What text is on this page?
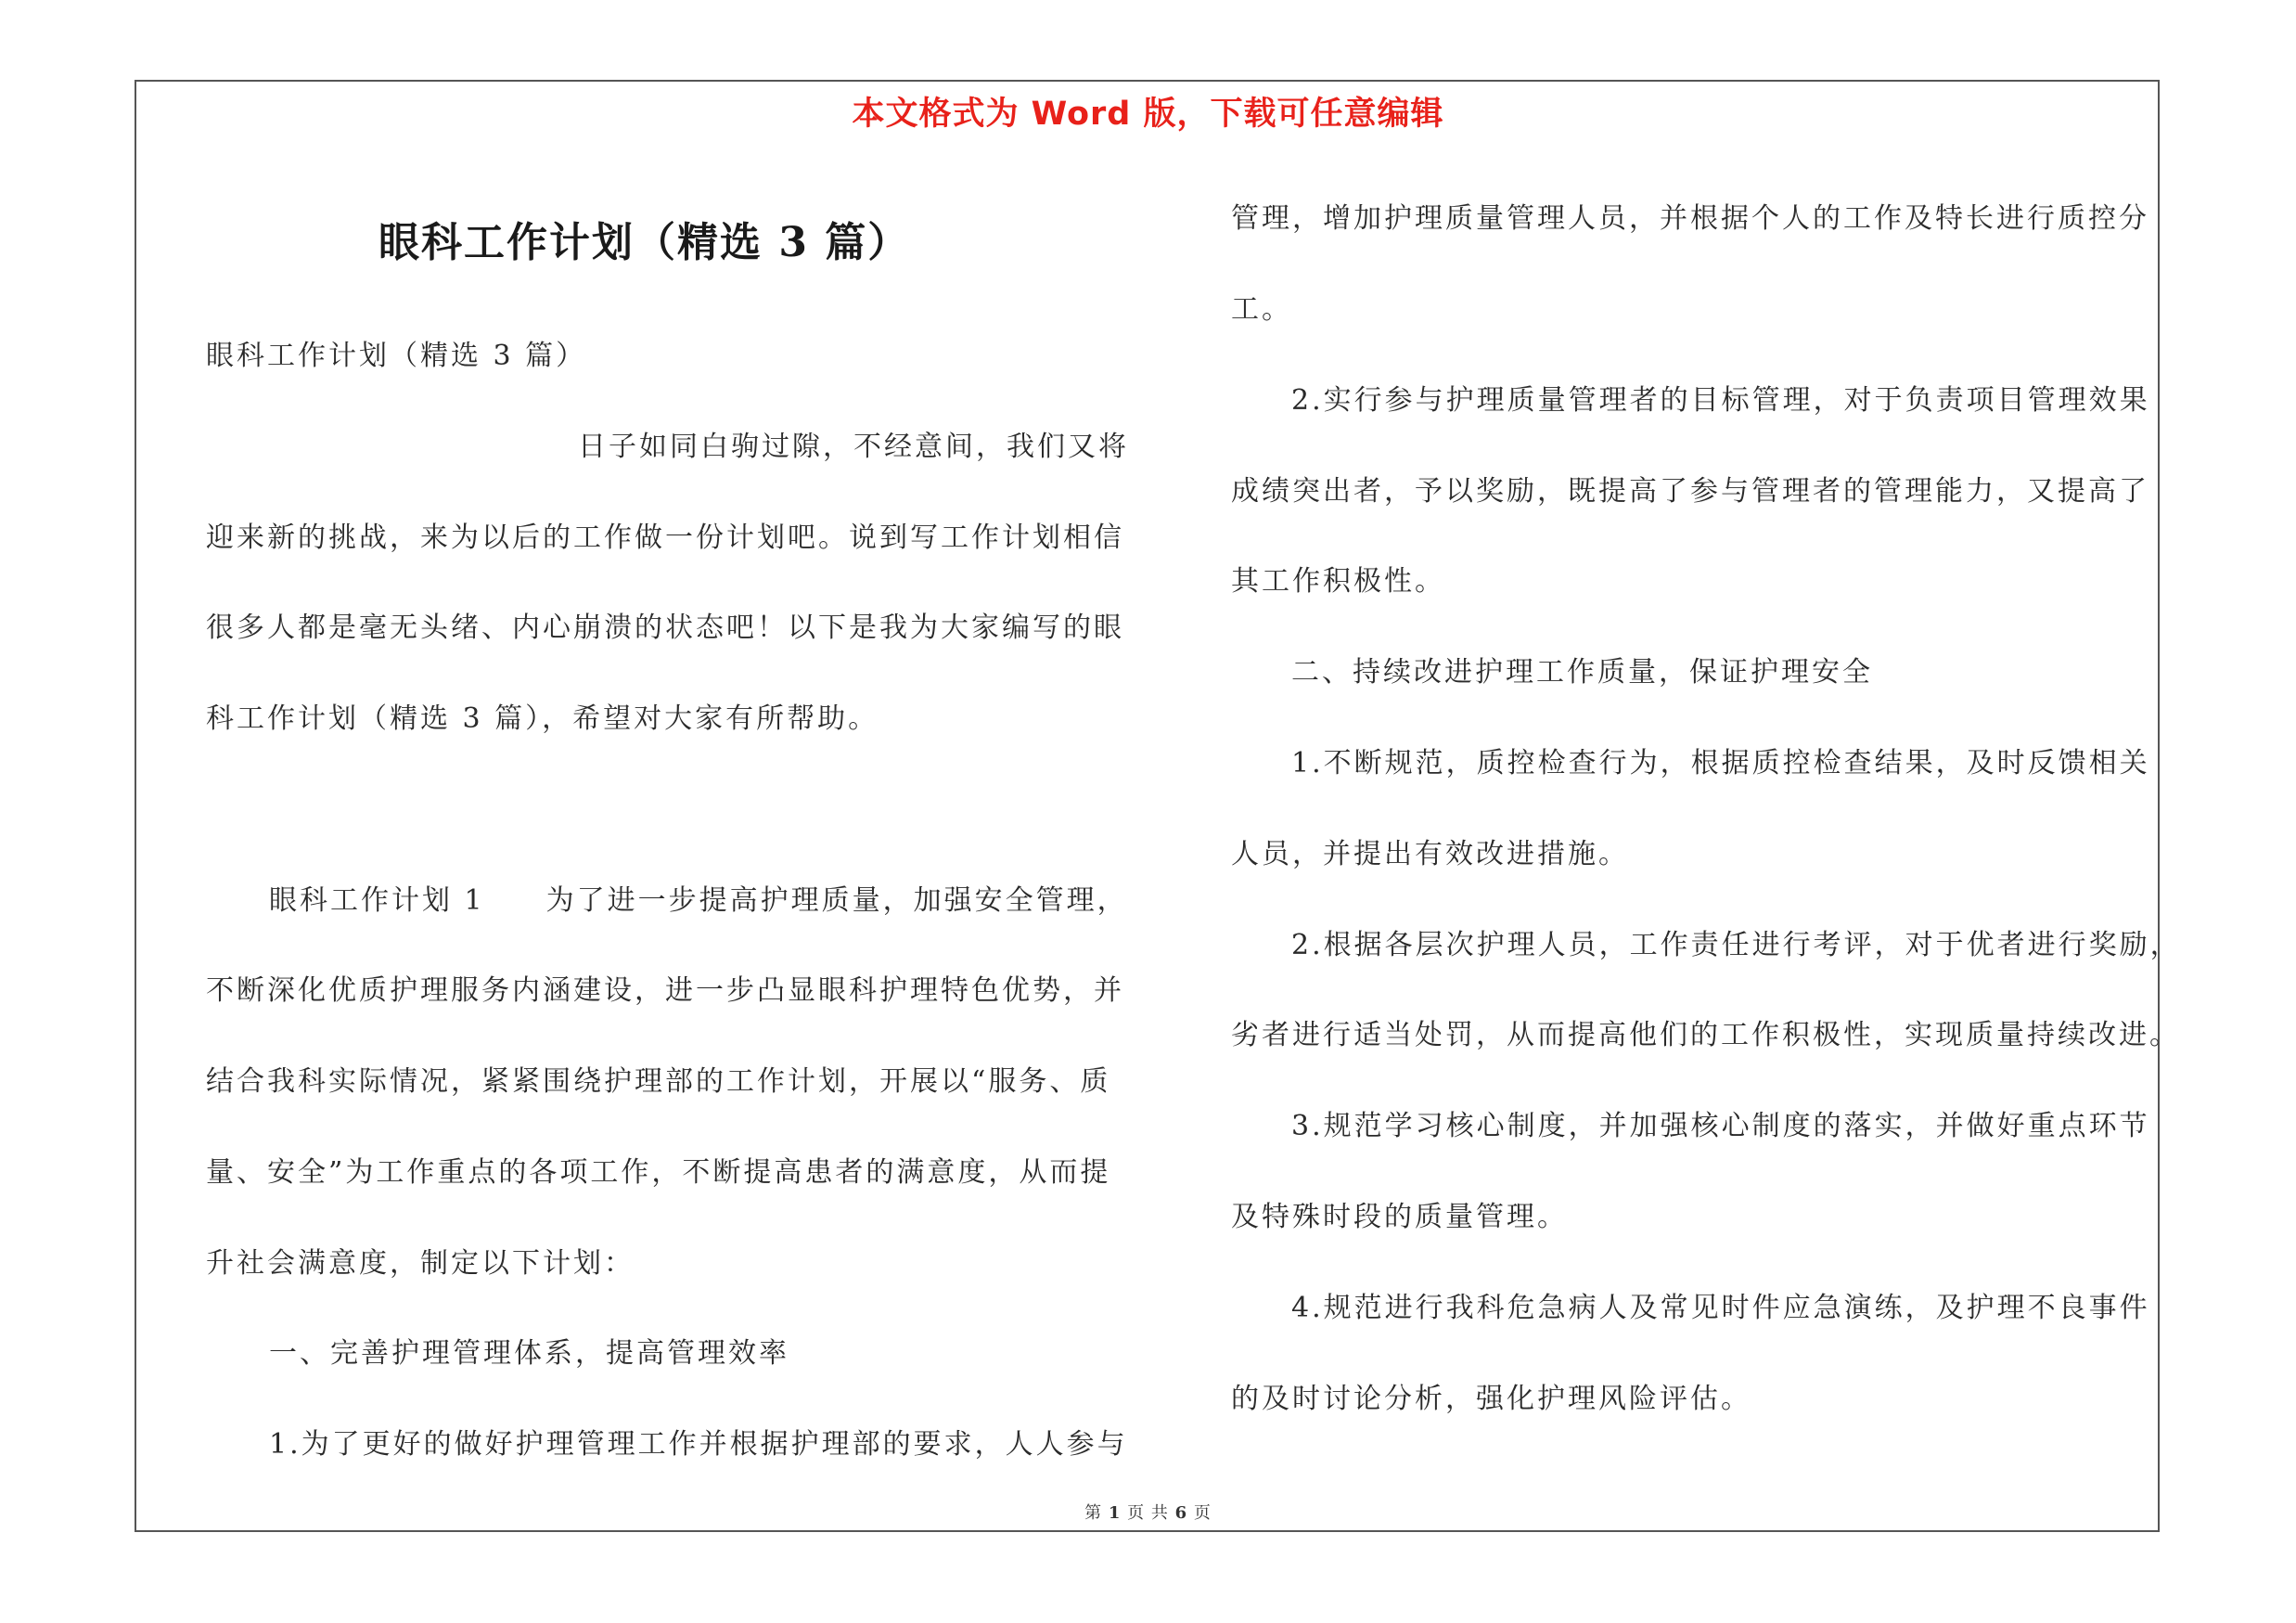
本文格式为 Word 版，下载可任意编辑
眼科工作计划（精选 3 篇）
眼科工作计划（精选 3 篇）
日子如同白驹过隙，不经意间，我们又将
迎来新的挑战，来为以后的工作做一份计划吧。说到写工作计划相信
很多人都是毫无头绪、内心崩溃的状态吧！以下是我为大家编写的眼
科工作计划（精选 3 篇），希望对大家有所帮助。
眼科工作计划 1　　为了进一步提高护理质量，加强安全管理，
不断深化优质护理服务内涵建设，进一步凸显眼科护理特色优势，并
结合我科实际情况，紧紧围绕护理部的工作计划，开展以“服务、质
量、安全”为工作重点的各项工作，不断提高患者的满意度，从而提
升社会满意度，制定以下计划：
一、完善护理管理体系，提高管理效率
1.为了更好的做好护理管理工作并根据护理部的要求，人人参与
管理，增加护理质量管理人员，并根据个人的工作及特长进行质控分
工。
2.实行参与护理质量管理者的目标管理，对于负责项目管理效果
成绩突出者，予以奖励，既提高了参与管理者的管理能力，又提高了
其工作积极性。
二、持续改进护理工作质量，保证护理安全
1.不断规范，质控检查行为，根据质控检查结果，及时反馈相关
人员，并提出有效改进措施。
2.根据各层次护理人员，工作责任进行考评，对于优者进行奖励，
劣者进行适当处罚，从而提高他们的工作积极性，实现质量持续改进。
3.规范学习核心制度，并加强核心制度的落实，并做好重点环节
及特殊时段的质量管理。
4.规范进行我科危急病人及常见时件应急演练，及护理不良事件
的及时讨论分析，强化护理风险评估。
第 1 页 共 6 页
